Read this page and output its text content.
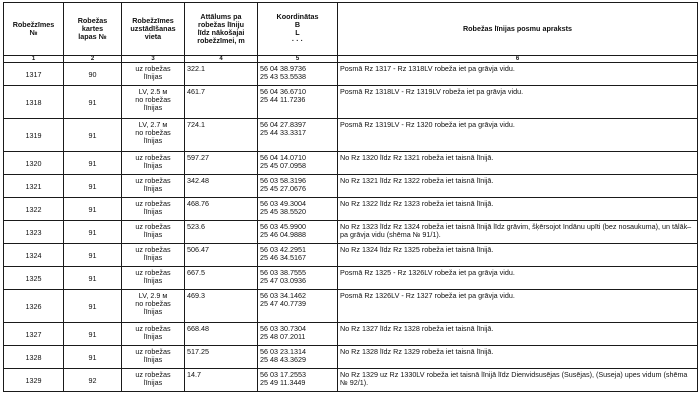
Robežzīmes
№	Robežas
kartes
lapas №	Robežzīmes
uzstādīšanas
vieta	Attālums pa
robežas līniju
līdz nākošajai
robežzīmei, m	Koordinātas
B
L
· · ·	Robežas līnijas posmu apraksts

1	2	3	4	5	6
1317	90	uz robežas
līnijas	322.1	56 04 38.9736
25 43 53.5538	Posmā Rz 1317 - Rz 1318LV robeža iet pa grāvja vidu.
1318	91	LV, 2.5 м
no robežas
līnijas	461.7	56 04 36.6710
25 44 11.7236	Posmā Rz 1318LV - Rz 1319LV robeža iet pa grāvja vidu.
1319	91	LV, 2.7 м
no robežas
līnijas	724.1	56 04 27.8397
25 44 33.3317	Posmā Rz 1319LV - Rz 1320 robeža iet pa grāvja vidu.
1320	91	uz robežas
līnijas	597.27	56 04 14.0710
25 45 07.0958	No Rz 1320 līdz Rz 1321 robeža iet taisnā līnijā.
1321	91	uz robežas
līnijas	342.48	56 03 58.3196
25 45 27.0676	No Rz 1321 līdz Rz 1322 robeža iet taisnā līnijā.
1322	91	uz robežas
līnijas	468.76	56 03 49.3004
25 45 38.5520	No Rz 1322 līdz Rz 1323 robeža iet taisnā līnijā.
1323	91	uz robežas
līnijas	523.6	56 03 45.9900
25 46 04.9888	No Rz 1323 līdz Rz 1324 robeža iet taisnā līnijā līdz grāvim, šķērsojot Indānu upīti (bez nosaukuma), un tālāk– pa grāvja vidu (shēma № 91/1).
1324	91	uz robežas
līnijas	506.47	56 03 42.2951
25 46 34.5167	No Rz 1324 līdz Rz 1325 robeža iet taisnā līnijā.
1325	91	uz robežas
līnijas	667.5	56 03 38.7555
25 47 03.0936	Posmā Rz 1325 - Rz 1326LV robeža iet pa grāvja vidu.
1326	91	LV, 2.9 м
no robežas
līnijas	469.3	56 03 34.1462
25 47 40.7739	Posmā Rz 1326LV - Rz 1327 robeža iet pa grāvja vidu.
1327	91	uz robežas
līnijas	668.48	56 03 30.7304
25 48 07.2011	No Rz 1327 līdz Rz 1328 robeža iet taisnā līnijā.
1328	91	uz robežas
līnijas	517.25	56 03 23.1314
25 48 43.3629	No Rz 1328 līdz Rz 1329 robeža iet taisnā līnijā.
1329	92	uz robežas
līnijas	14.7	56 03 17.2553
25 49 11.3449	No Rz 1329 uz Rz 1330LV robeža iet taisnā līnijā līdz Dienvidsusējas (Susējas), (Suseja) upes vidum (shēma № 92/1).
